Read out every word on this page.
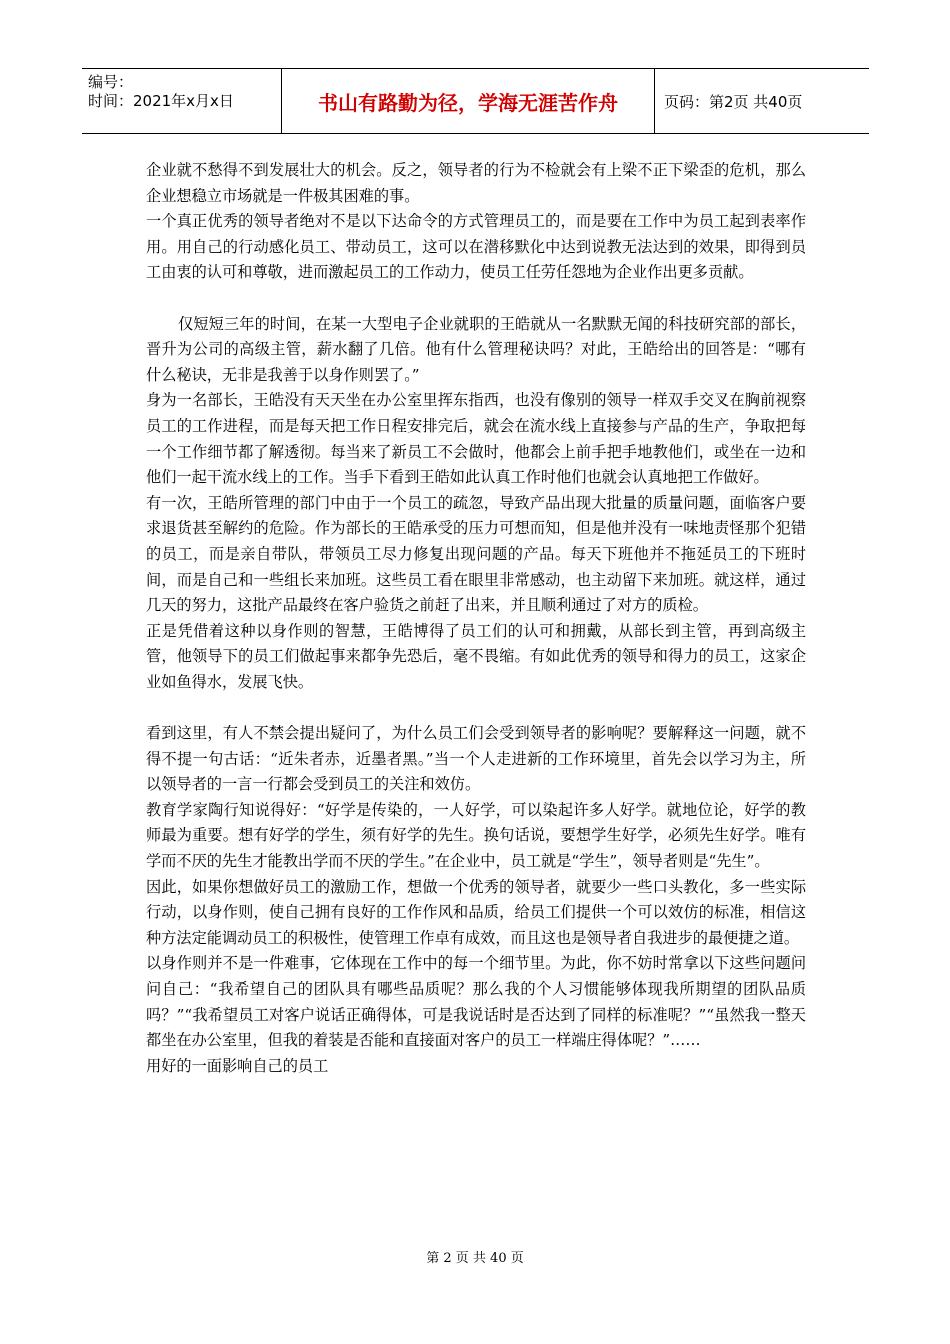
编号：
时间：2021年x月x日	书山有路勤为径，学海无涯苦作舟	页码：第2页 共40页

企业就不愁得不到发展壮大的机会。反之，领导者的行为不检就会有上梁不正下梁歪的危机，那么企业想稳立市场就是一件极其困难的事。

一个真正优秀的领导者绝对不是以下达命令的方式管理员工的，而是要在工作中为员工起到表率作用。用自己的行动感化员工、带动员工，这可以在潜移默化中达到说教无法达到的效果，即得到员工由衷的认可和尊敬，进而激起员工的工作动力，使员工任劳任怨地为企业作出更多贡献。

仅短短三年的时间，在某一大型电子企业就职的王皓就从一名默默无闻的科技研究部的部长，晋升为公司的高级主管，薪水翻了几倍。他有什么管理秘诀吗？对此，王皓给出的回答是：“哪有什么秘诀，无非是我善于以身作则罢了。”

身为一名部长，王皓没有天天坐在办公室里挥东指西，也没有像别的领导一样双手交叉在胸前视察员工的工作进程，而是每天把工作日程安排完后，就会在流水线上直接参与产品的生产，争取把每一个工作细节都了解透彻。每当来了新员工不会做时，他都会上前手把手地教他们，或坐在一边和他们一起干流水线上的工作。当手下看到王皓如此认真工作时他们也就会认真地把工作做好。

有一次，王皓所管理的部门中由于一个员工的疏忽，导致产品出现大批量的质量问题，面临客户要求退货甚至解约的危险。作为部长的王皓承受的压力可想而知，但是他并没有一味地责怪那个犯错的员工，而是亲自带队，带领员工尽力修复出现问题的产品。每天下班他并不拖延员工的下班时间，而是自己和一些组长来加班。这些员工看在眼里非常感动，也主动留下来加班。就这样，通过几天的努力，这批产品最终在客户验货之前赶了出来，并且顺利通过了对方的质检。

正是凭借着这种以身作则的智慧，王皓博得了员工们的认可和拥戴，从部长到主管，再到高级主管，他领导下的员工们做起事来都争先恐后，毫不畏缩。有如此优秀的领导和得力的员工，这家企业如鱼得水，发展飞快。

看到这里，有人不禁会提出疑问了，为什么员工们会受到领导者的影响呢？要解释这一问题，就不得不提一句古话：“近朱者赤，近墨者黑。”当一个人走进新的工作环境里，首先会以学习为主，所以领导者的一言一行都会受到员工的关注和效仿。

教育学家陶行知说得好：“好学是传染的，一人好学，可以染起许多人好学。就地位论，好学的教师最为重要。想有好学的学生，须有好学的先生。换句话说，要想学生好学，必须先生好学。唯有学而不厌的先生才能教出学而不厌的学生。”在企业中，员工就是“学生”，领导者则是“先生”。

因此，如果你想做好员工的激励工作，想做一个优秀的领导者，就要少一些口头教化，多一些实际行动，以身作则，使自己拥有良好的工作作风和品质，给员工们提供一个可以效仿的标准，相信这种方法定能调动员工的积极性，使管理工作卓有成效，而且这也是领导者自我进步的最便捷之道。

以身作则并不是一件难事，它体现在工作中的每一个细节里。为此，你不妨时常拿以下这些问题问问自己：“我希望自己的团队具有哪些品质呢？那么我的个人习惯能够体现我所期望的团队品质吗？”“我希望员工对客户说话正确得体，可是我说话时是否达到了同样的标准呢？”“虽然我一整天都坐在办公室里，但我的着装是否能和直接面对客户的员工一样端庄得体呢？”……

用好的一面影响自己的员工

第 2 页 共 40 页
